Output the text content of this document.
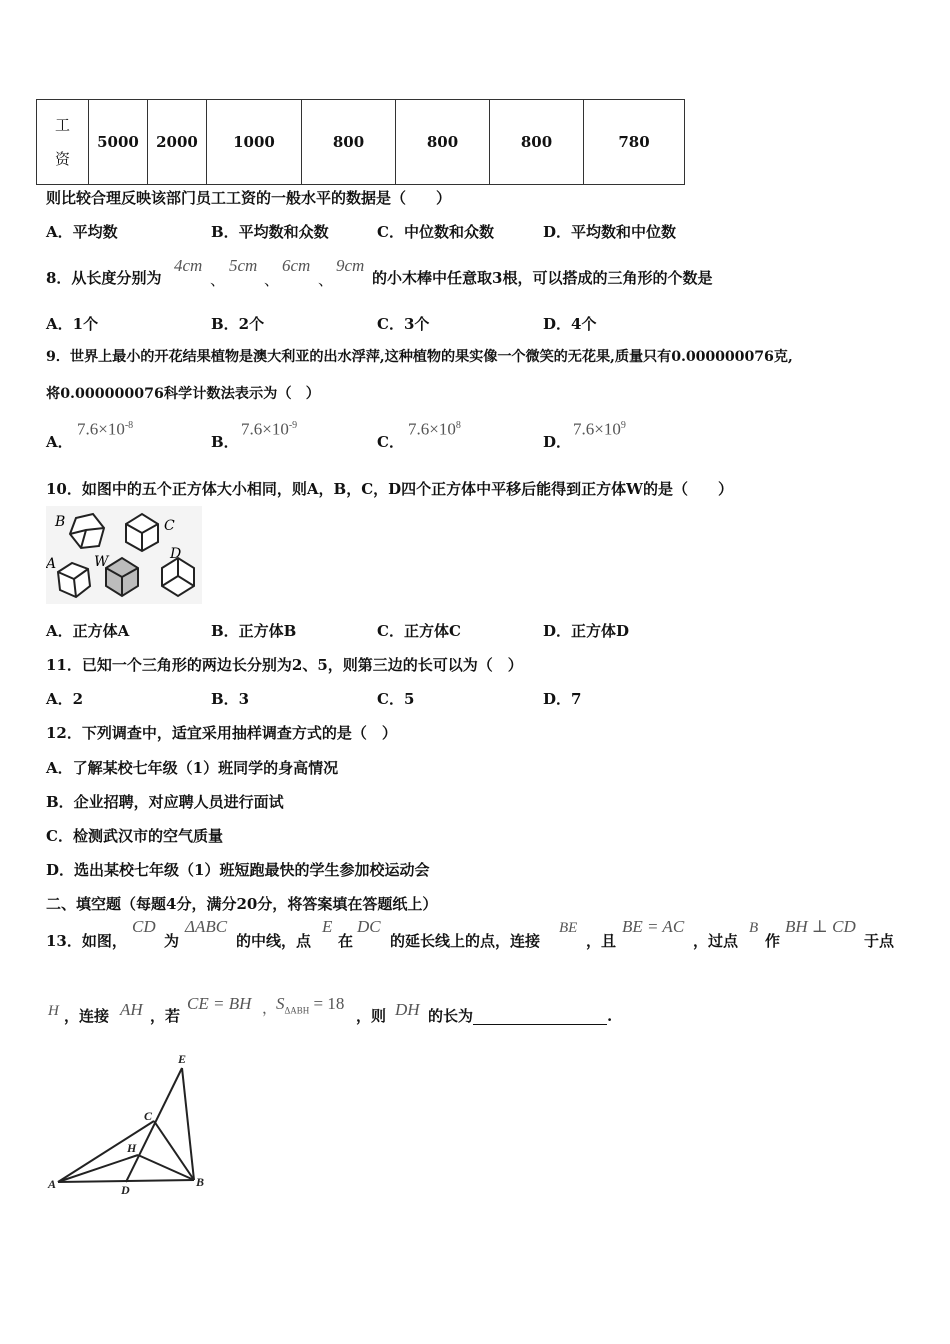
工
资	5000	2000	1000	800	800	800	780
则比较合理反映该部门员工工资的一般水平的数据是（　　）
A．平均数	B．平均数和众数	C．中位数和众数	D．平均数和中位数
8．从长度分别为
4cm
、
5cm
、
6cm
、
9cm
的小木棒中任意取3根，可以搭成的三角形的个数是
A．1个	B．2个	C．3个	D．4个
9．世界上最小的开花结果植物是澳大利亚的出水浮萍,这种植物的果实像一个微笑的无花果,质量只有0.000000076克,
将0.000000076科学计数法表示为（　）
A．
$7.6\times 10^{-8}$
B．
$7.6\times 10^{-9}$
C．
$7.6\times 10^8$
D．
$7.6\times 10^9$
10．如图中的五个正方体大小相同，则A，B，C，D四个正方体中平移后能得到正方体W的是（　　）
B	C
A	W	D
A．正方体A	B．正方体B	C．正方体C	D．正方体D
11．已知一个三角形的两边长分别为2、5，则第三边的长可以为（　）
A．2	B．3	C．5	D．7
12．下列调查中，适宜采用抽样调查方式的是（　）
A．了解某校七年级（1）班同学的身高情况
B．企业招聘，对应聘人员进行面试
C．检测武汉市的空气质量
D．选出某校七年级（1）班短跑最快的学生参加校运动会
二、填空题（每题4分，满分20分，将答案填在答题纸上）
13．如图，
CD
为
ΔABC
的中线，点
E
在
DC
的延长线上的点，连接
BE
，且
BE = AC
，过点
B
作
BH ⊥ CD
于点
H ，连接 AH ，若
CE = BH ，
$S_{\Delta ABH} = 18$
，则 DH 的长为	.
E
C
H
A	D
B
